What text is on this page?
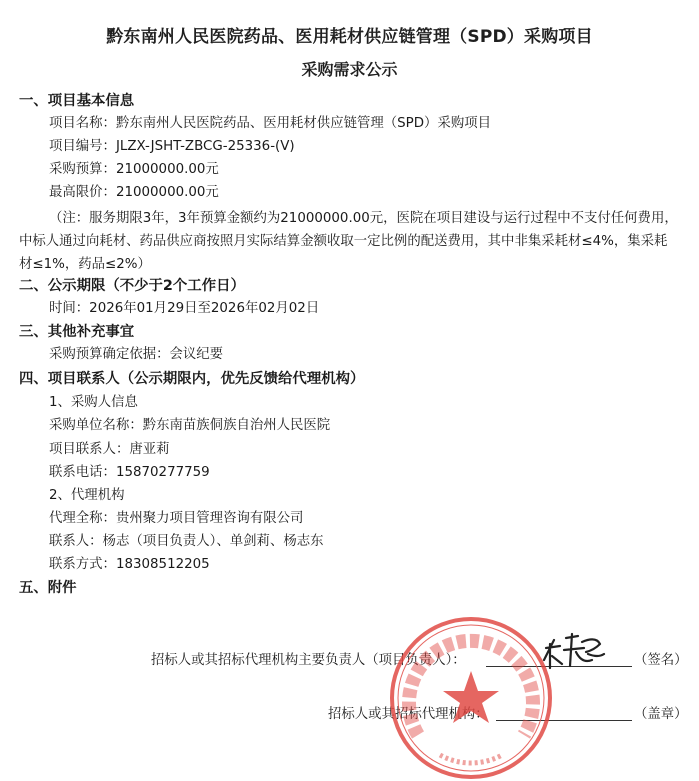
黔东南州人民医院药品、医用耗材供应链管理（SPD）采购项目
采购需求公示
一、项目基本信息
项目名称：黔东南州人民医院药品、医用耗材供应链管理（SPD）采购项目
项目编号：JLZX-JSHT-ZBCG-25336-(V)
采购预算：21000000.00元
最高限价：21000000.00元
（注：服务期限3年，3年预算金额约为21000000.00元，医院在项目建设与运行过程中不支付任何费用，中标人通过向耗材、药品供应商按照月实际结算金额收取一定比例的配送费用，其中非集采耗材≤4%，集采耗材≤1%，药品≤2%）
二、公示期限（不少于2个工作日）
时间：2026年01月29日至2026年02月02日
三、其他补充事宜
采购预算确定依据：会议纪要
四、项目联系人（公示期限内，优先反馈给代理机构）
1、采购人信息
采购单位名称：黔东南苗族侗族自治州人民医院
项目联系人：唐亚莉
联系电话：15870277759
2、代理机构
代理全称：贵州聚力项目管理咨询有限公司
联系人：杨志（项目负责人）、单剑莉、杨志东
联系方式：18308512205
五、附件
招标人或其招标代理机构主要负责人（项目负责人）：	（签名）
招标人或其招标代理机构：	（盖章）
